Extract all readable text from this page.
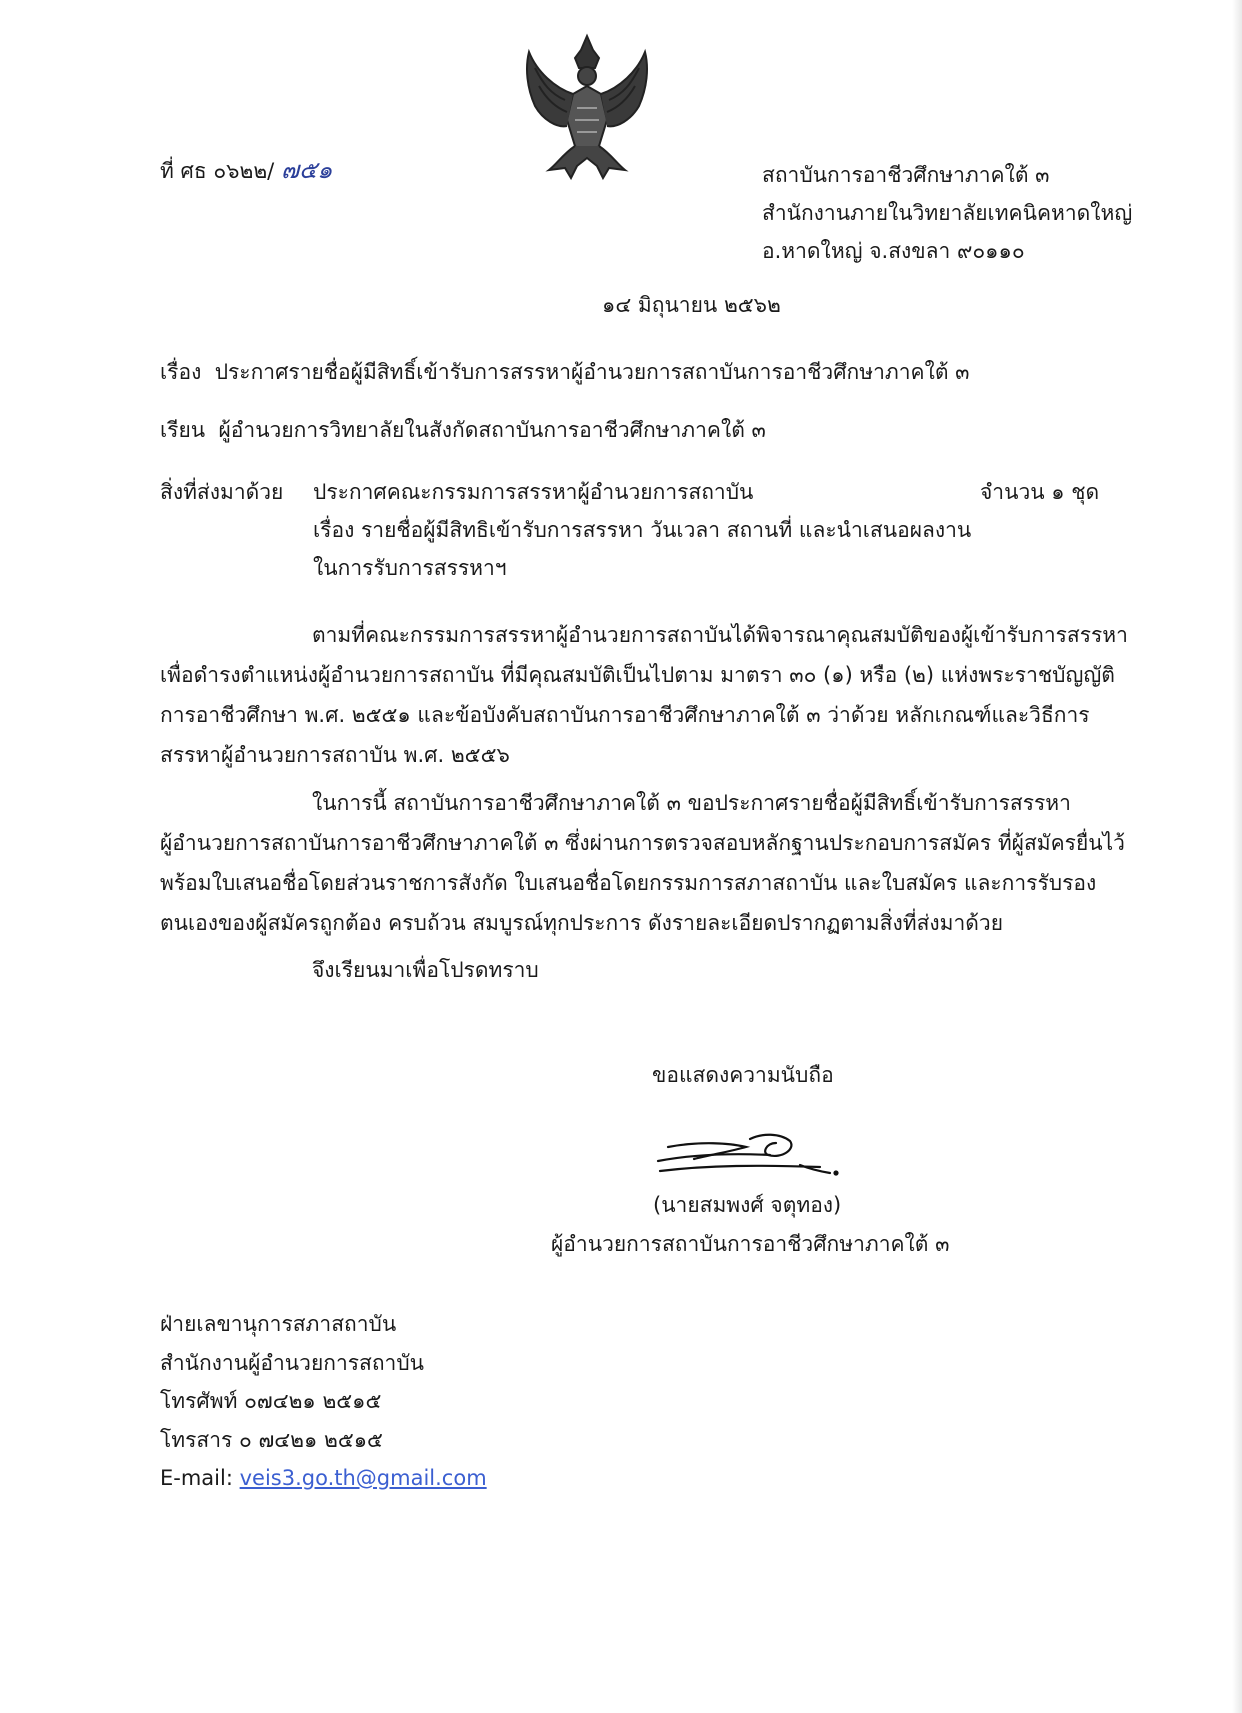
ที่ ศธ ๐๖๒๒/ ๗๕๑	สถาบันการอาชีวศึกษาภาคใต้ ๓
สำนักงานภายในวิทยาลัยเทคนิคหาดใหญ่
อ.หาดใหญ่ จ.สงขลา ๙๐๑๑๐
๑๔ มิถุนายน ๒๕๖๒
เรื่อง ประกาศรายชื่อผู้มีสิทธิ์เข้ารับการสรรหาผู้อำนวยการสถาบันการอาชีวศึกษาภาคใต้ ๓
เรียน ผู้อำนวยการวิทยาลัยในสังกัดสถาบันการอาชีวศึกษาภาคใต้ ๓
สิ่งที่ส่งมาด้วย ประกาศคณะกรรมการสรรหาผู้อำนวยการสถาบัน	จำนวน ๑ ชุด
เรื่อง รายชื่อผู้มีสิทธิเข้ารับการสรรหา วันเวลา สถานที่ และนำเสนอผลงาน
ในการรับการสรรหาฯ
ตามที่คณะกรรมการสรรหาผู้อำนวยการสถาบันได้พิจารณาคุณสมบัติของผู้เข้ารับการสรรหา
เพื่อดำรงตำแหน่งผู้อำนวยการสถาบัน ที่มีคุณสมบัติเป็นไปตาม มาตรา ๓๐ (๑) หรือ (๒) แห่งพระราชบัญญัติ
การอาชีวศึกษา พ.ศ. ๒๕๕๑ และข้อบังคับสถาบันการอาชีวศึกษาภาคใต้ ๓ ว่าด้วย หลักเกณฑ์และวิธีการ
สรรหาผู้อำนวยการสถาบัน พ.ศ. ๒๕๕๖
ในการนี้ สถาบันการอาชีวศึกษาภาคใต้ ๓ ขอประกาศรายชื่อผู้มีสิทธิ์เข้ารับการสรรหา
ผู้อำนวยการสถาบันการอาชีวศึกษาภาคใต้ ๓ ซึ่งผ่านการตรวจสอบหลักฐานประกอบการสมัคร ที่ผู้สมัครยื่นไว้
พร้อมใบเสนอชื่อโดยส่วนราชการสังกัด ใบเสนอชื่อโดยกรรมการสภาสถาบัน และใบสมัคร และการรับรอง
ตนเองของผู้สมัครถูกต้อง ครบถ้วน สมบูรณ์ทุกประการ ดังรายละเอียดปรากฏตามสิ่งที่ส่งมาด้วย
จึงเรียนมาเพื่อโปรดทราบ
ขอแสดงความนับถือ
(นายสมพงศ์ จตุทอง)
ผู้อำนวยการสถาบันการอาชีวศึกษาภาคใต้ ๓
ฝ่ายเลขานุการสภาสถาบัน
สำนักงานผู้อำนวยการสถาบัน
โทรศัพท์ ๐๗๔๒๑ ๒๕๑๕
โทรสาร ๐ ๗๔๒๑ ๒๕๑๕
E-mail: veis3.go.th@gmail.com
